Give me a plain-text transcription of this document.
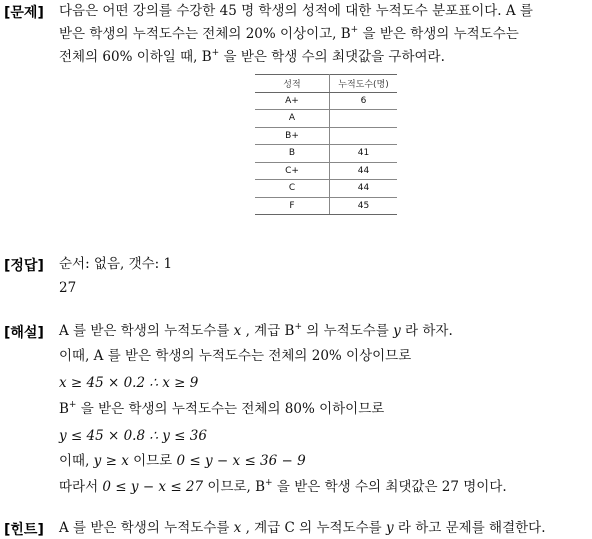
[문제] 다음은 어떤 강의를 수강한 45 명 학생의 성적에 대한 누적도수 분포표이다. A 를
받은 학생의 누적도수는 전체의 20% 이상이고, B+ 을 받은 학생의 누적도수는
전체의 60% 이하일 때, B+ 을 받은 학생 수의 최댓값을 구하여라.
성적	누적도수(명)
A+	6
A	
B+	
B	41
C+	44
C	44
F	45
[정답] 순서: 없음, 갯수: 1
27
[해설] A 를 받은 학생의 누적도수를 x , 계급 B+ 의 누적도수를 y 라 하자.
이때, A 를 받은 학생의 누적도수는 전체의 20% 이상이므로
x ≥ 45 × 0.2 ∴ x ≥ 9
B+ 을 받은 학생의 누적도수는 전체의 80% 이하이므로
y ≤ 45 × 0.8 ∴ y ≤ 36
이때, y ≥ x 이므로 0 ≤ y − x ≤ 36 − 9
따라서 0 ≤ y − x ≤ 27 이므로, B+ 을 받은 학생 수의 최댓값은 27 명이다.
[힌트] A 를 받은 학생의 누적도수를 x , 계급 C 의 누적도수를 y 라 하고 문제를 해결한다.
